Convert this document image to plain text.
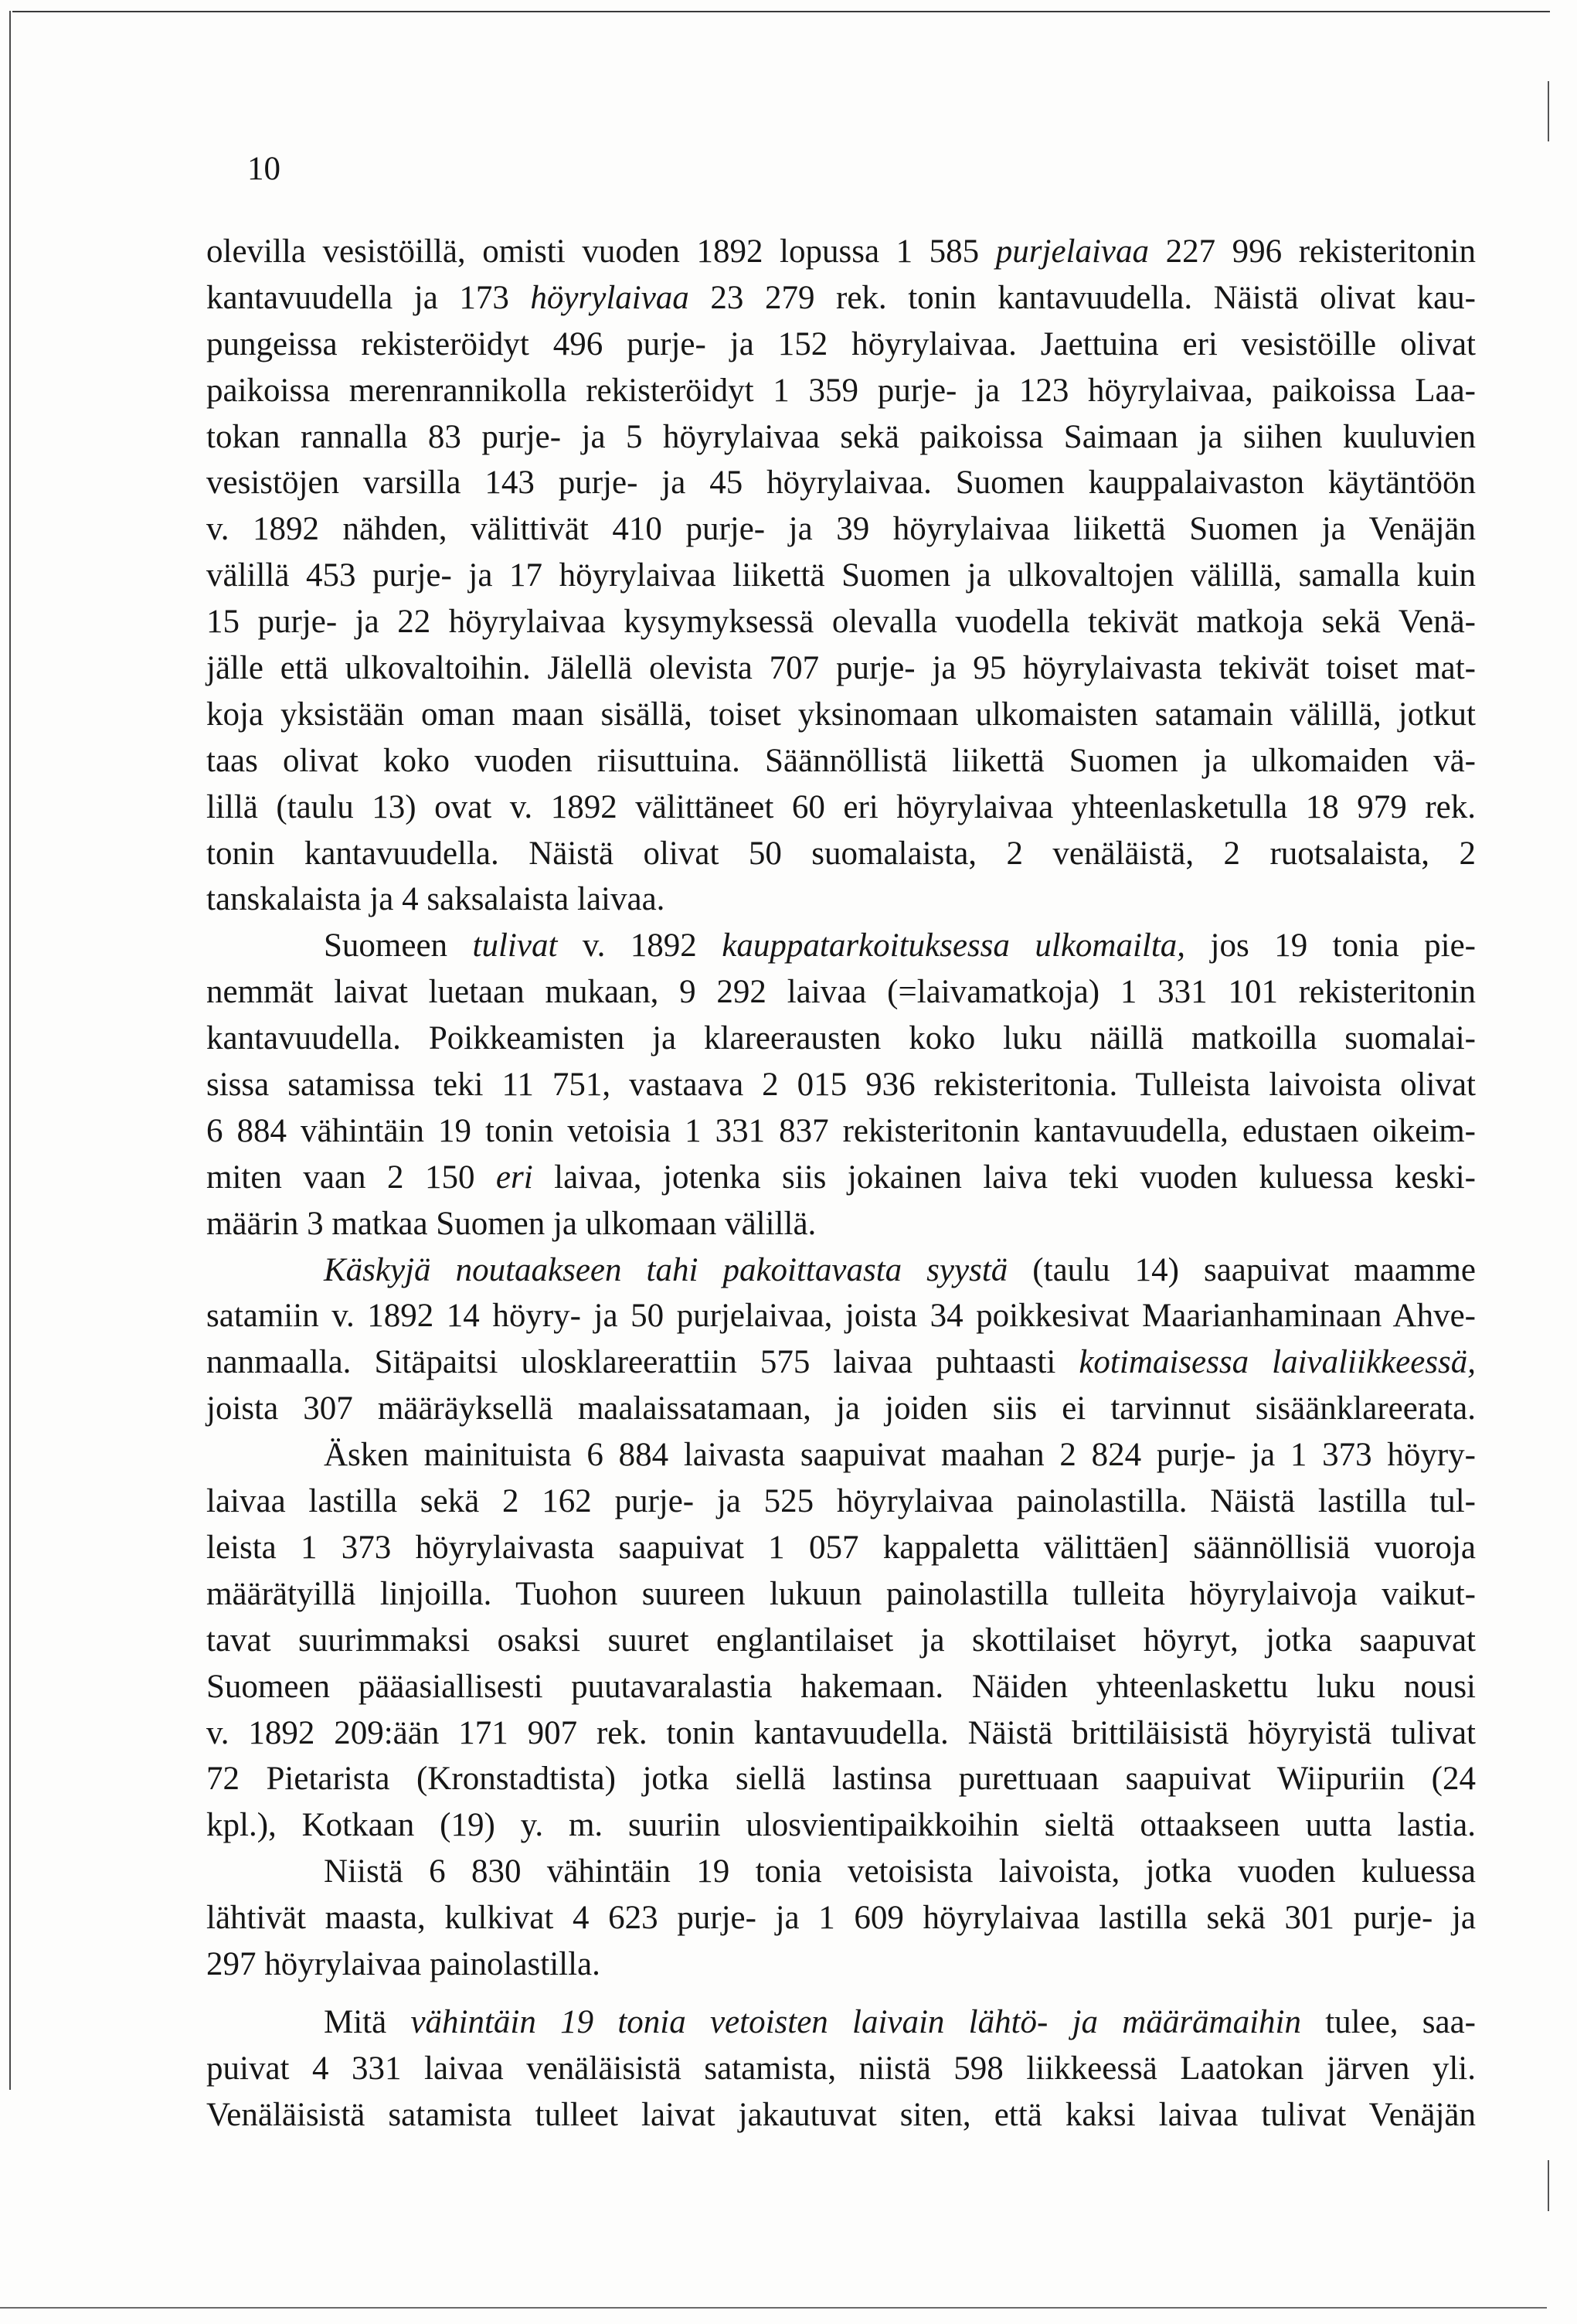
10
olevilla vesistöillä, omisti vuoden 1892 lopussa 1 585 purjelaivaa 227 996 rekisteritonin
kantavuudella ja 173 höyrylaivaa 23 279 rek. tonin kantavuudella. Näistä olivat kau-
pungeissa rekisteröidyt 496 purje- ja 152 höyrylaivaa. Jaettuina eri vesistöille olivat
paikoissa merenrannikolla rekisteröidyt 1 359 purje- ja 123 höyrylaivaa, paikoissa Laa-
tokan rannalla 83 purje- ja 5 höyrylaivaa sekä paikoissa Saimaan ja siihen kuuluvien
vesistöjen varsilla 143 purje- ja 45 höyrylaivaa. Suomen kauppalaivaston käytäntöön
v. 1892 nähden, välittivät 410 purje- ja 39 höyrylaivaa liikettä Suomen ja Venäjän
välillä 453 purje- ja 17 höyrylaivaa liikettä Suomen ja ulkovaltojen välillä, samalla kuin
15 purje- ja 22 höyrylaivaa kysymyksessä olevalla vuodella tekivät matkoja sekä Venä-
jälle että ulkovaltoihin. Jälellä olevista 707 purje- ja 95 höyrylaivasta tekivät toiset mat-
koja yksistään oman maan sisällä, toiset yksinomaan ulkomaisten satamain välillä, jotkut
taas olivat koko vuoden riisuttuina. Säännöllistä liikettä Suomen ja ulkomaiden vä-
lillä (taulu 13) ovat v. 1892 välittäneet 60 eri höyrylaivaa yhteenlasketulla 18 979 rek.
tonin kantavuudella. Näistä olivat 50 suomalaista, 2 venäläistä, 2 ruotsalaista, 2
tanskalaista ja 4 saksalaista laivaa.
Suomeen tulivat v. 1892 kauppatarkoituksessa ulkomailta, jos 19 tonia pie-
nemmät laivat luetaan mukaan, 9 292 laivaa (=laivamatkoja) 1 331 101 rekisteritonin
kantavuudella. Poikkeamisten ja klareerausten koko luku näillä matkoilla suomalai-
sissa satamissa teki 11 751, vastaava 2 015 936 rekisteritonia. Tulleista laivoista olivat
6 884 vähintäin 19 tonin vetoisia 1 331 837 rekisteritonin kantavuudella, edustaen oikeim-
miten vaan 2 150 eri laivaa, jotenka siis jokainen laiva teki vuoden kuluessa keski-
määrin 3 matkaa Suomen ja ulkomaan välillä.
Käskyjä noutaakseen tahi pakoittavasta syystä (taulu 14) saapuivat maamme
satamiin v. 1892 14 höyry- ja 50 purjelaivaa, joista 34 poikkesivat Maarianhaminaan Ahve-
nanmaalla. Sitäpaitsi ulosklareerattiin 575 laivaa puhtaasti kotimaisessa laivaliikkeessä,
joista 307 määräyksellä maalaissatamaan, ja joiden siis ei tarvinnut sisäänklareerata.
Äsken mainituista 6 884 laivasta saapuivat maahan 2 824 purje- ja 1 373 höyry-
laivaa lastilla sekä 2 162 purje- ja 525 höyrylaivaa painolastilla. Näistä lastilla tul-
leista 1 373 höyrylaivasta saapuivat 1 057 kappaletta välittäen] säännöllisiä vuoroja
määrätyillä linjoilla. Tuohon suureen lukuun painolastilla tulleita höyrylaivoja vaikut-
tavat suurimmaksi osaksi suuret englantilaiset ja skottilaiset höyryt, jotka saapuvat
Suomeen pääasiallisesti puutavaralastia hakemaan. Näiden yhteenlaskettu luku nousi
v. 1892 209:ään 171 907 rek. tonin kantavuudella. Näistä brittiläisistä höyryistä tulivat
72 Pietarista (Kronstadtista) jotka siellä lastinsa purettuaan saapuivat Wiipuriin (24
kpl.), Kotkaan (19) y. m. suuriin ulosvientipaikkoihin sieltä ottaakseen uutta lastia.
Niistä 6 830 vähintäin 19 tonia vetoisista laivoista, jotka vuoden kuluessa
lähtivät maasta, kulkivat 4 623 purje- ja 1 609 höyrylaivaa lastilla sekä 301 purje- ja
297 höyrylaivaa painolastilla.
Mitä vähintäin 19 tonia vetoisten laivain lähtö- ja määrämaihin tulee, saa-
puivat 4 331 laivaa venäläisistä satamista, niistä 598 liikkeessä Laatokan järven yli.
Venäläisistä satamista tulleet laivat jakautuvat siten, että kaksi laivaa tulivat Venäjän
